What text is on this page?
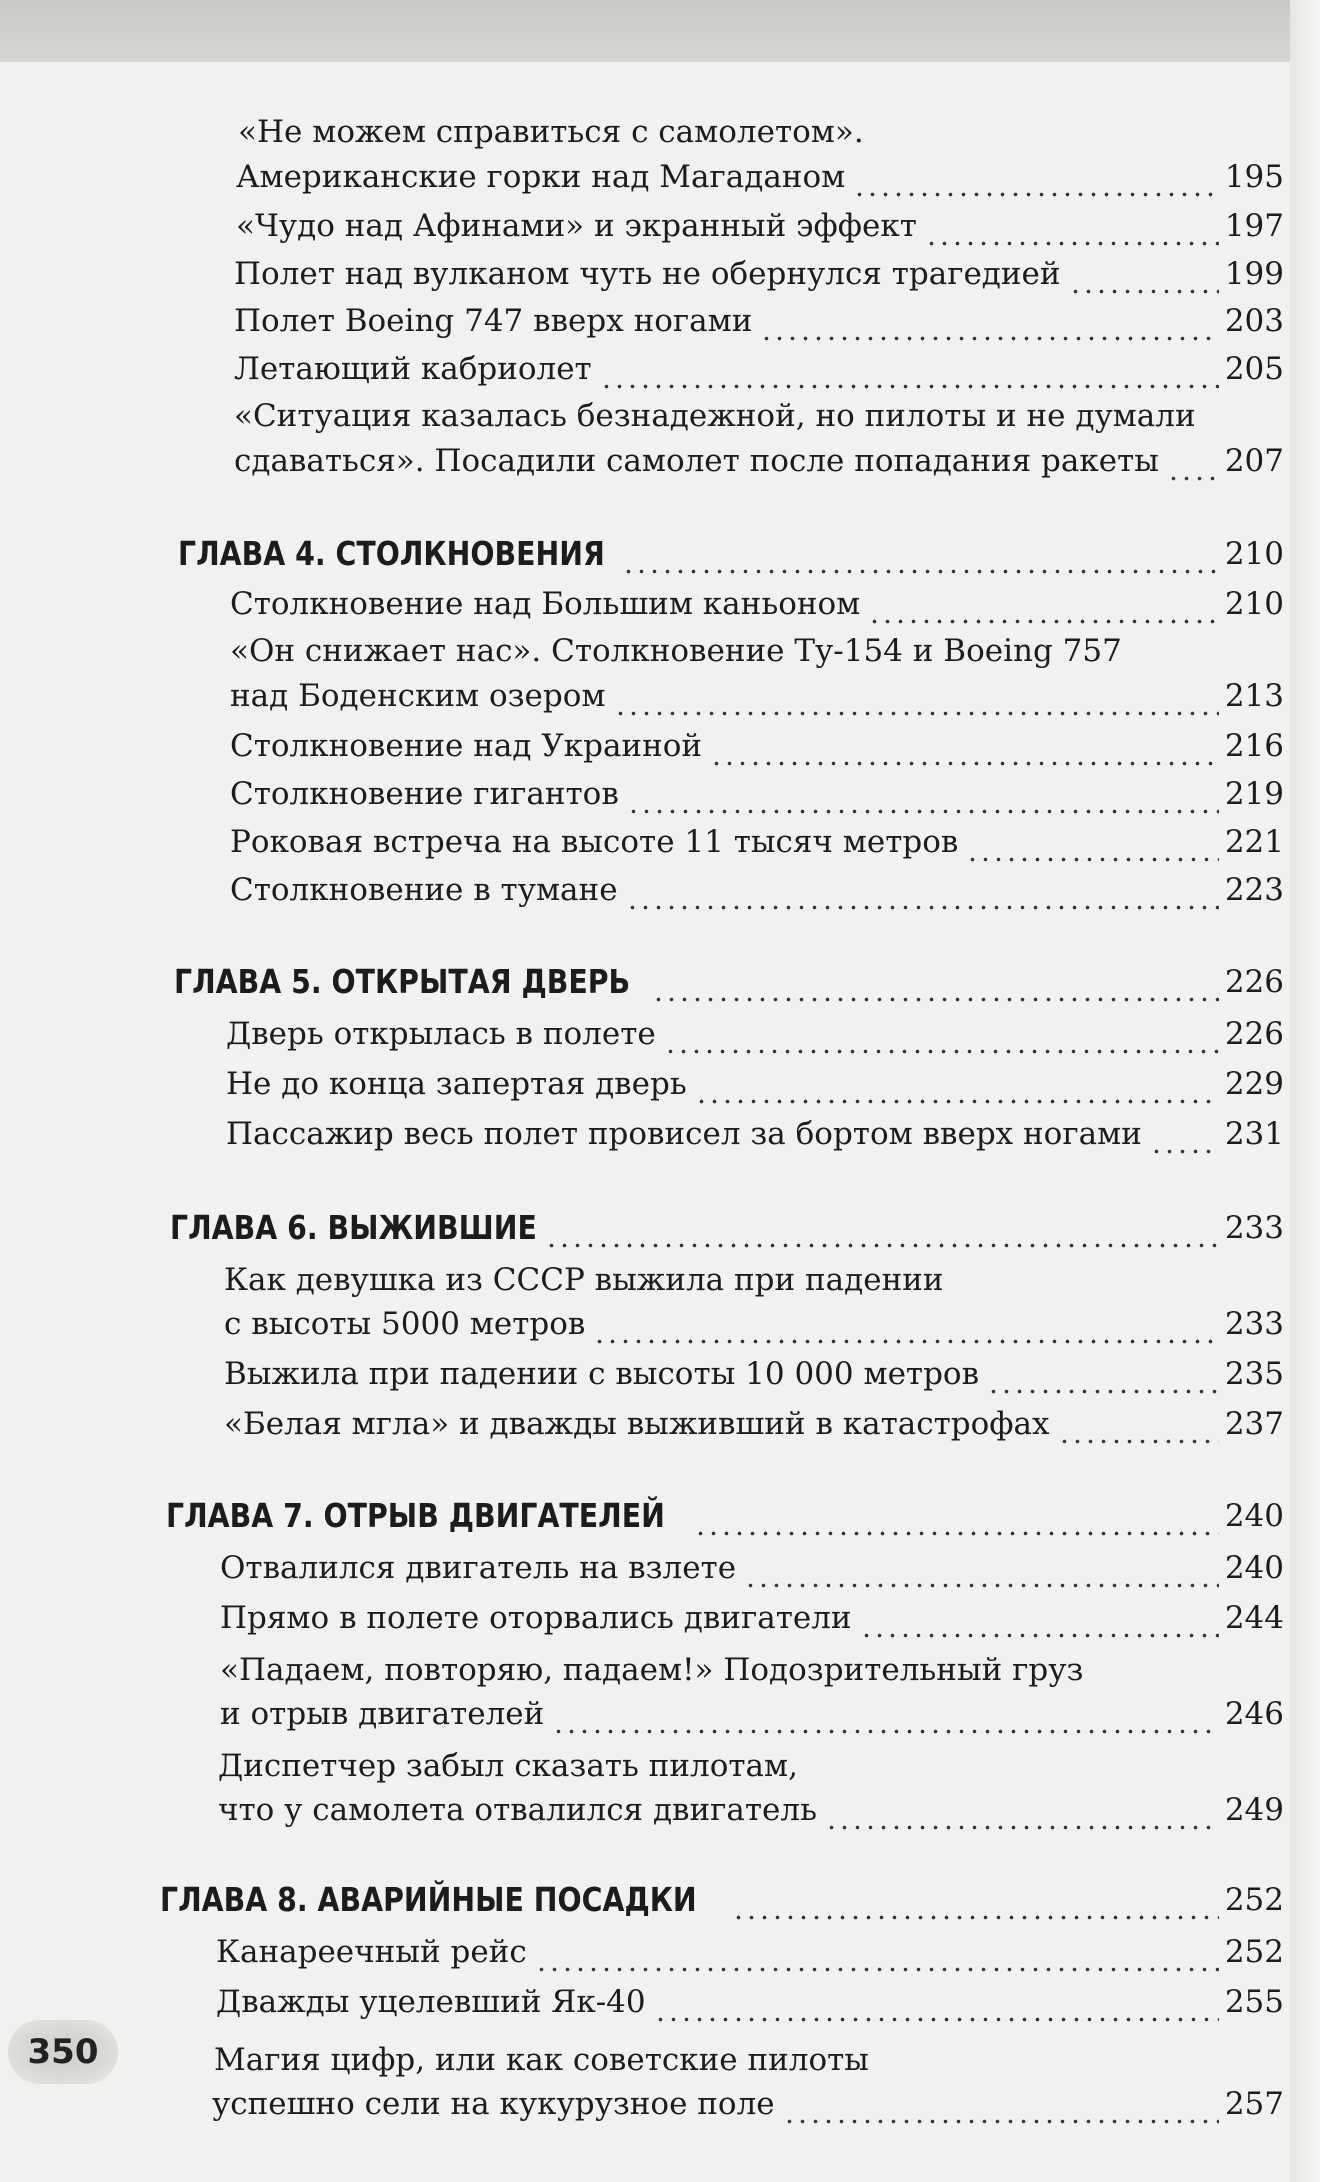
«Не можем справиться с самолетом».
Американские горки над Магаданом	195
«Чудо над Афинами» и экранный эффект	197
Полет над вулканом чуть не обернулся трагедией	199
Полет Boeing 747 вверх ногами	203
Летающий кабриолет	205
«Ситуация казалась безнадежной, но пилоты и не думали
сдаваться». Посадили самолет после попадания ракеты 207
ГЛАВА 4. СТОЛКНОВЕНИЯ	210
Столкновение над Большим каньоном	210
«Он снижает нас». Столкновение Ту-154 и Boeing 757
над Боденским озером	213
Столкновение над Украиной	216
Столкновение гигантов	219
Роковая встреча на высоте 11 тысяч метров	221
Столкновение в тумане	223
ГЛАВА 5. ОТКРЫТАЯ ДВЕРЬ	226
Дверь открылась в полете	226
Не до конца запертая дверь	229
Пассажир весь полет провисел за бортом вверх ногами	231
ГЛАВА 6. ВЫЖИВШИЕ	233
Как девушка из СССР выжила при падении
с высоты 5000 метров	233
Выжила при падении с высоты 10 000 метров	235
«Белая мгла» и дважды выживший в катастрофах	237
ГЛАВА 7. ОТРЫВ ДВИГАТЕЛЕЙ	240
Отвалился двигатель на взлете	240
Прямо в полете оторвались двигатели	244
«Падаем, повторяю, падаем!» Подозрительный груз
и отрыв двигателей	246
Диспетчер забыл сказать пилотам,
что у самолета отвалился двигатель	249
ГЛАВА 8. АВАРИЙНЫЕ ПОСАДКИ	252
Канареечный рейс	252
Дважды уцелевший Як-40	255
Магия цифр, или как советские пилоты
успешно сели на кукурузное поле	257
350
